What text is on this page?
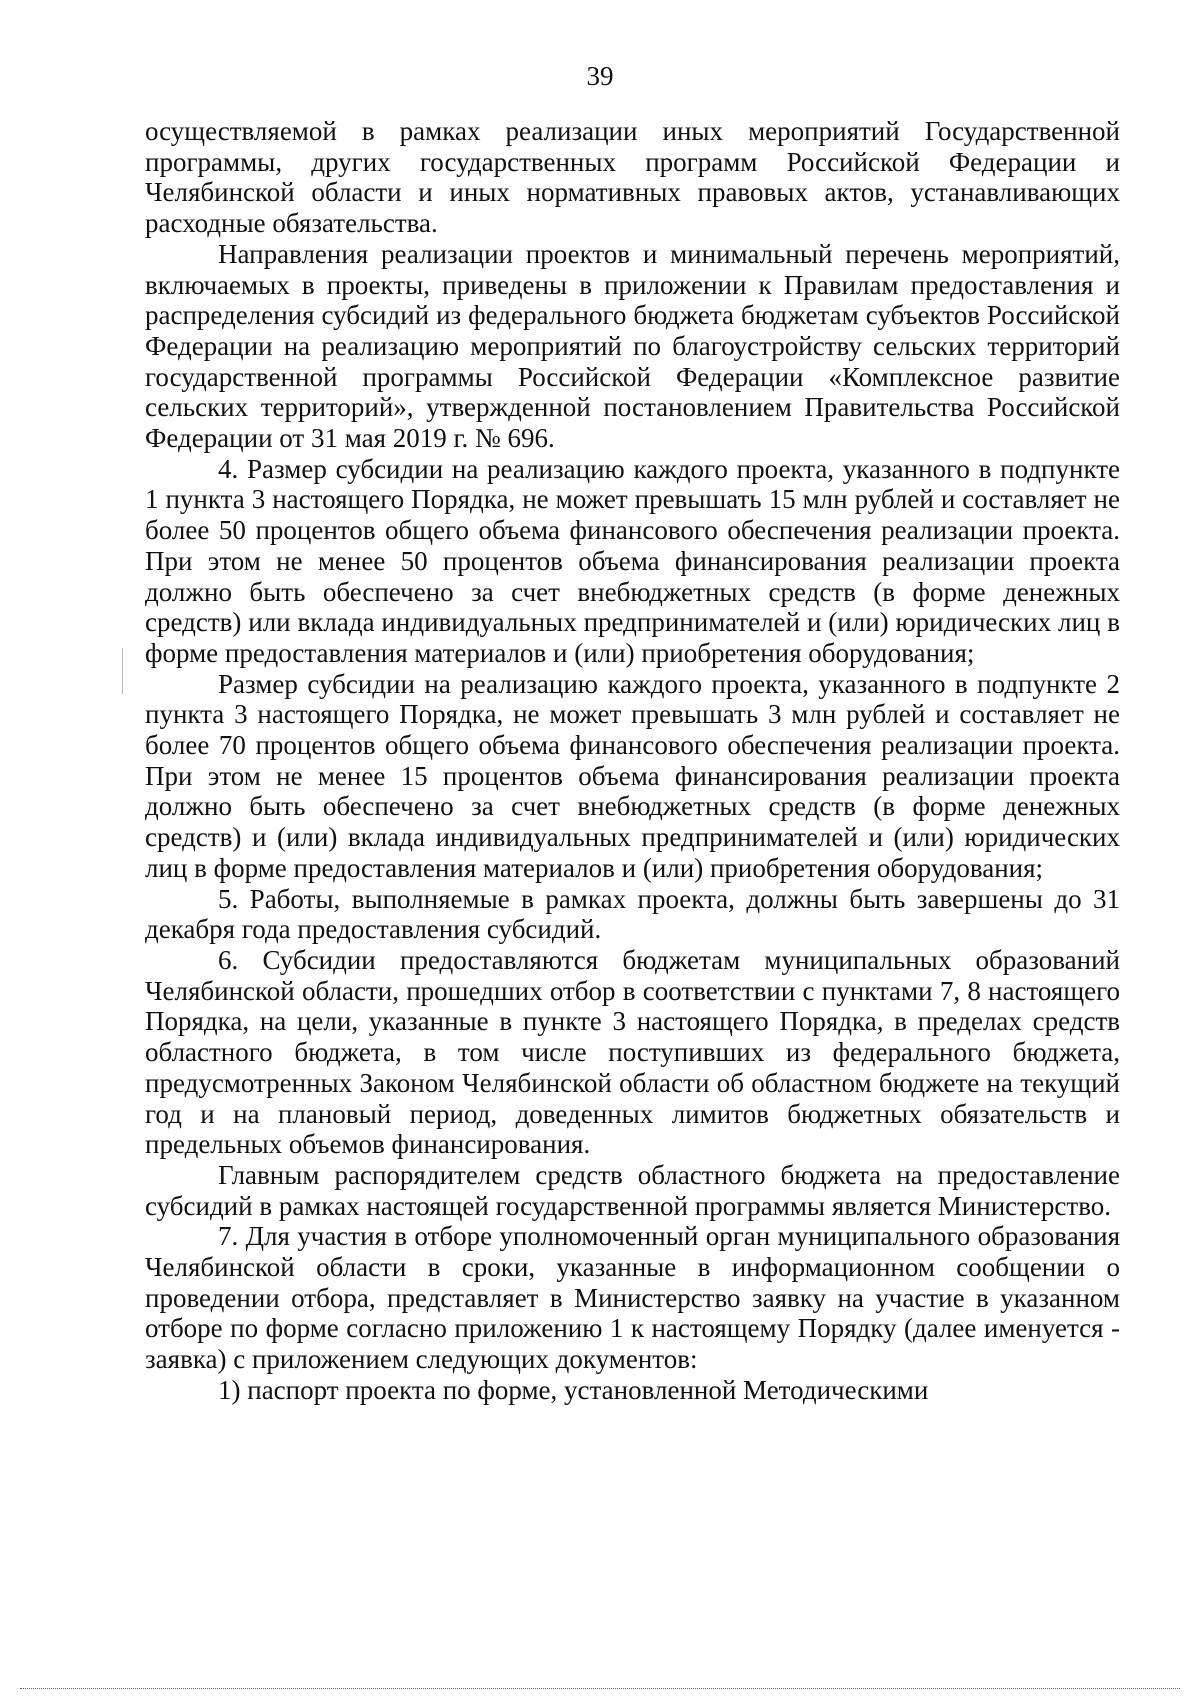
39

осуществляемой в рамках реализации иных мероприятий Государственной программы, других государственных программ Российской Федерации и Челябинской области и иных нормативных правовых актов, устанавливающих расходные обязательства.

Направления реализации проектов и минимальный перечень мероприятий, включаемых в проекты, приведены в приложении к Правилам предоставления и распределения субсидий из федерального бюджета бюджетам субъектов Российской Федерации на реализацию мероприятий по благоустройству сельских территорий государственной программы Российской Федерации «Комплексное развитие сельских территорий», утвержденной постановлением Правительства Российской Федерации от 31 мая 2019 г. № 696.

4. Размер субсидии на реализацию каждого проекта, указанного в подпункте 1 пункта 3 настоящего Порядка, не может превышать 15 млн рублей и составляет не более 50 процентов общего объема финансового обеспечения реализации проекта. При этом не менее 50 процентов объема финансирования реализации проекта должно быть обеспечено за счет внебюджетных средств (в форме денежных средств) или вклада индивидуальных предпринимателей и (или) юридических лиц в форме предоставления материалов и (или) приобретения оборудования;

Размер субсидии на реализацию каждого проекта, указанного в подпункте 2 пункта 3 настоящего Порядка, не может превышать 3 млн рублей и составляет не более 70 процентов общего объема финансового обеспечения реализации проекта. При этом не менее 15 процентов объема финансирования реализации проекта должно быть обеспечено за счет внебюджетных средств (в форме денежных средств) и (или) вклада индивидуальных предпринимателей и (или) юридических лиц в форме предоставления материалов и (или) приобретения оборудования;

5. Работы, выполняемые в рамках проекта, должны быть завершены до 31 декабря года предоставления субсидий.

6. Субсидии предоставляются бюджетам муниципальных образований Челябинской области, прошедших отбор в соответствии с пунктами 7, 8 настоящего Порядка, на цели, указанные в пункте 3 настоящего Порядка, в пределах средств областного бюджета, в том числе поступивших из федерального бюджета, предусмотренных Законом Челябинской области об областном бюджете на текущий год и на плановый период, доведенных лимитов бюджетных обязательств и предельных объемов финансирования.

Главным распорядителем средств областного бюджета на предоставление субсидий в рамках настоящей государственной программы является Министерство.

7. Для участия в отборе уполномоченный орган муниципального образования Челябинской области в сроки, указанные в информационном сообщении о проведении отбора, представляет в Министерство заявку на участие в указанном отборе по форме согласно приложению 1 к настоящему Порядку (далее именуется - заявка) с приложением следующих документов:

1) паспорт проекта по форме, установленной Методическими
